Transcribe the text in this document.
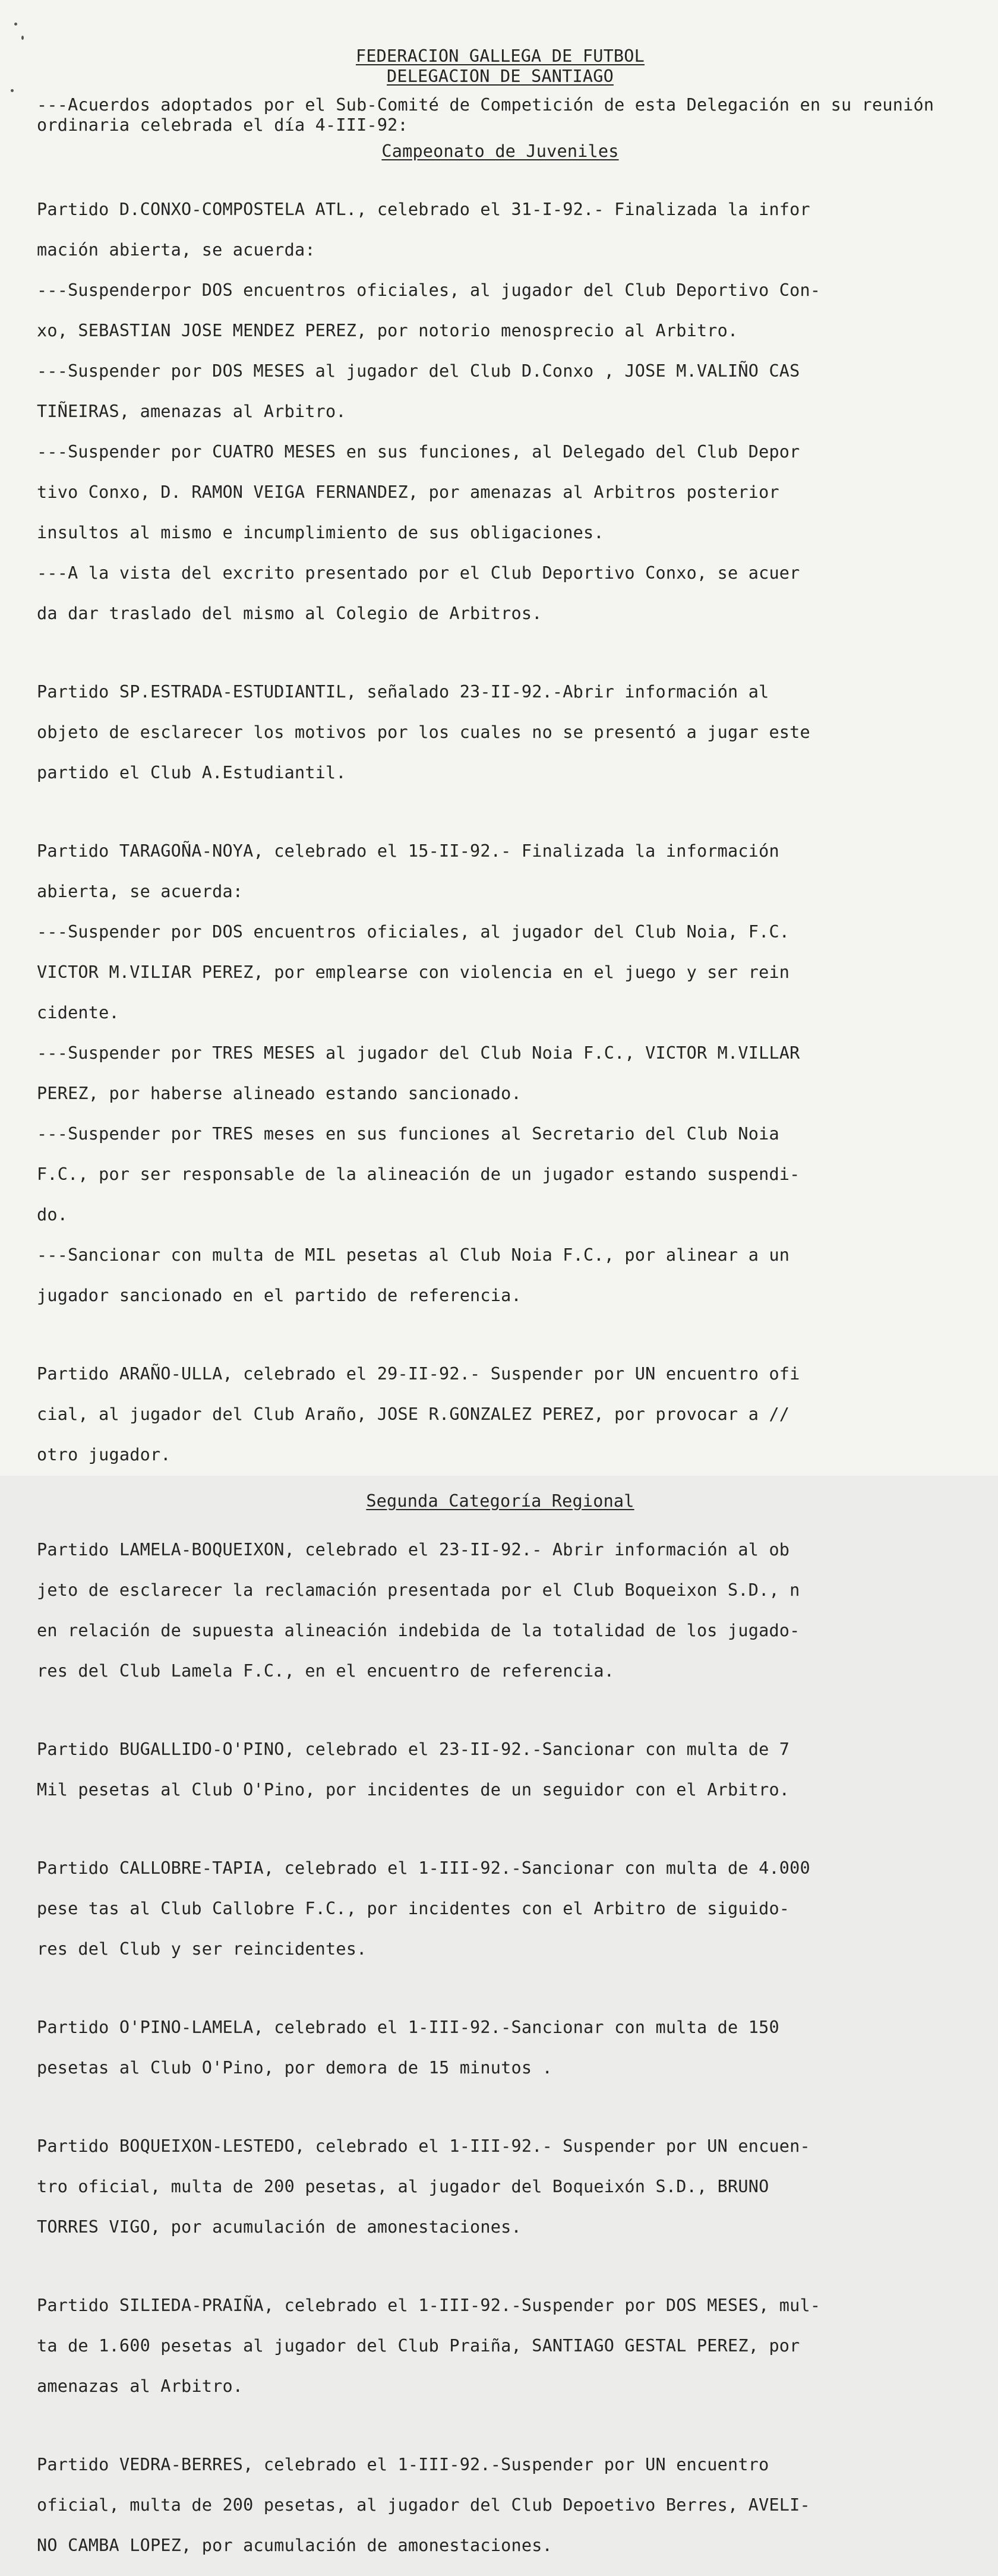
FEDERACION GALLEGA DE FUTBOL
DELEGACION DE SANTIAGO
---Acuerdos adoptados por el Sub-Comité de Competición de esta Delegación en su reunión ordinaria celebrada el día 4-III-92:
Campeonato de Juveniles

Partido D.CONXO-COMPOSTELA ATL., celebrado el 31-I-92.- Finalizada la infor

mación abierta, se acuerda:

---Suspenderpor DOS encuentros oficiales, al jugador del Club Deportivo Con-

xo, SEBASTIAN JOSE MENDEZ PEREZ, por notorio menosprecio al Arbitro.

---Suspender por DOS MESES al jugador del Club D.Conxo , JOSE M.VALIÑO CAS

TIÑEIRAS, amenazas al Arbitro.

---Suspender por CUATRO MESES en sus funciones, al Delegado del Club Depor

tivo Conxo, D. RAMON VEIGA FERNANDEZ, por amenazas al Arbitros posterior

insultos al mismo e incumplimiento de sus obligaciones.

---A la vista del excrito presentado por el Club Deportivo Conxo, se acuer

da dar traslado del mismo al Colegio de Arbitros.

Partido SP.ESTRADA-ESTUDIANTIL, señalado 23-II-92.-Abrir información al

objeto de esclarecer los motivos por los cuales no se presentó a jugar este

partido el Club A.Estudiantil.

Partido TARAGOÑA-NOYA, celebrado el 15-II-92.- Finalizada la información

abierta, se acuerda:

---Suspender por DOS encuentros oficiales, al jugador del Club Noia, F.C.

VICTOR M.VILIAR PEREZ, por emplearse con violencia en el juego y ser rein

cidente.

---Suspender por TRES MESES al jugador del Club Noia F.C., VICTOR M.VILLAR

PEREZ, por haberse alineado estando sancionado.

---Suspender por TRES meses en sus funciones al Secretario del Club Noia

F.C., por ser responsable de la alineación de un jugador estando suspendi-

do.

---Sancionar con multa de MIL pesetas al Club Noia F.C., por alinear a un

jugador sancionado en el partido de referencia.

Partido ARAÑO-ULLA, celebrado el 29-II-92.- Suspender por UN encuentro ofi

cial, al jugador del Club Araño, JOSE R.GONZALEZ PEREZ, por provocar a //

otro jugador.

Segunda Categoría Regional

Partido LAMELA-BOQUEIXON, celebrado el 23-II-92.- Abrir información al ob

jeto de esclarecer la reclamación presentada por el Club Boqueixon S.D., n

en relación de supuesta alineación indebida de la totalidad de los jugado-

res del Club Lamela F.C., en el encuentro de referencia.

Partido BUGALLIDO-O'PINO, celebrado el 23-II-92.-Sancionar con multa de 7

Mil pesetas al Club O'Pino, por incidentes de un seguidor con el Arbitro.

Partido CALLOBRE-TAPIA, celebrado el 1-III-92.-Sancionar con multa de 4.000

pese tas al Club Callobre F.C., por incidentes con el Arbitro de siguido-

res del Club y ser reincidentes.

Partido O'PINO-LAMELA, celebrado el 1-III-92.-Sancionar con multa de 150

pesetas al Club O'Pino, por demora de 15 minutos .

Partido BOQUEIXON-LESTEDO, celebrado el 1-III-92.- Suspender por UN encuen-

tro oficial, multa de 200 pesetas, al jugador del Boqueixón S.D., BRUNO

TORRES VIGO, por acumulación de amonestaciones.

Partido SILIEDA-PRAIÑA, celebrado el 1-III-92.-Suspender por DOS MESES, mul-

ta de 1.600 pesetas al jugador del Club Praiña, SANTIAGO GESTAL PEREZ, por

amenazas al Arbitro.

Partido VEDRA-BERRES, celebrado el 1-III-92.-Suspender por UN encuentro

oficial, multa de 200 pesetas, al jugador del Club Depoetivo Berres, AVELI-

NO CAMBA LOPEZ, por acumulación de amonestaciones.
